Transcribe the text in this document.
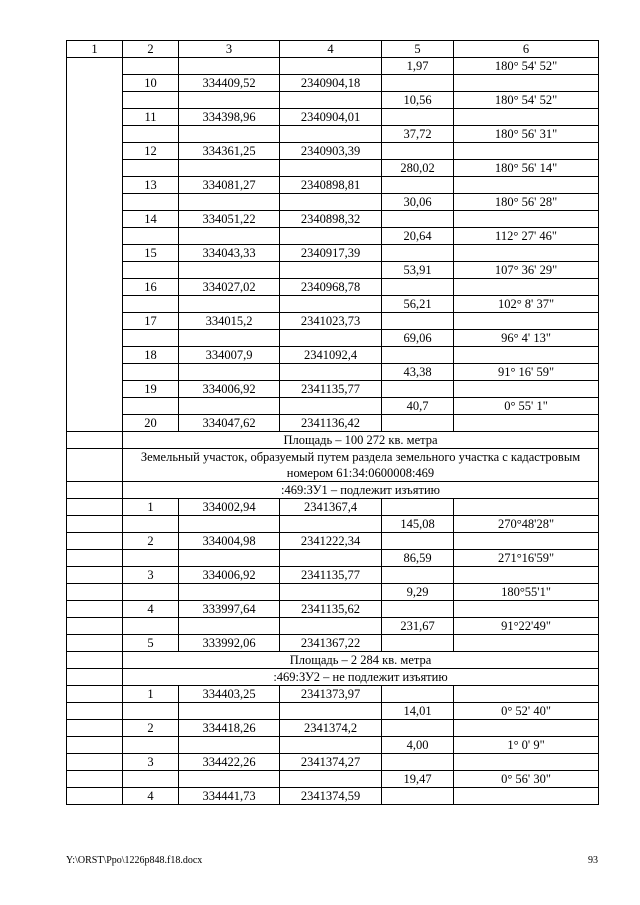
1	2	3	4	5	6
				1,97	180° 54' 52"
	10	334409,52	2340904,18		
				10,56	180° 54' 52"
	11	334398,96	2340904,01		
				37,72	180° 56' 31"
	12	334361,25	2340903,39		
				280,02	180° 56' 14"
	13	334081,27	2340898,81		
				30,06	180° 56' 28"
	14	334051,22	2340898,32		
				20,64	112° 27' 46"
	15	334043,33	2340917,39		
				53,91	107° 36' 29"
	16	334027,02	2340968,78		
				56,21	102° 8' 37"
	17	334015,2	2341023,73		
				69,06	96° 4' 13"
	18	334007,9	2341092,4		
				43,38	91° 16' 59"
	19	334006,92	2341135,77		
				40,7	0° 55' 1"
	20	334047,62	2341136,42		
	Площадь – 100 272 кв. метра				
	Земельный участок, образуемый путем раздела земельного участка с кадастровым номером 61:34:0600008:469				
	:469:ЗУ1 – подлежит изъятию				
	1	334002,94	2341367,4		
				145,08	270°48'28"
	2	334004,98	2341222,34		
				86,59	271°16'59"
	3	334006,92	2341135,77		
				9,29	180°55'1"
	4	333997,64	2341135,62		
				231,67	91°22'49"
	5	333992,06	2341367,22		
	Площадь – 2 284 кв. метра				
	:469:ЗУ2 – не подлежит изъятию				
	1	334403,25	2341373,97		
				14,01	0° 52' 40"
	2	334418,26	2341374,2		
				4,00	1° 0' 9"
	3	334422,26	2341374,27		
				19,47	0° 56' 30"
	4	334441,73	2341374,59		
Y:\ORST\Ppo\1226p848.f18.docx	93
